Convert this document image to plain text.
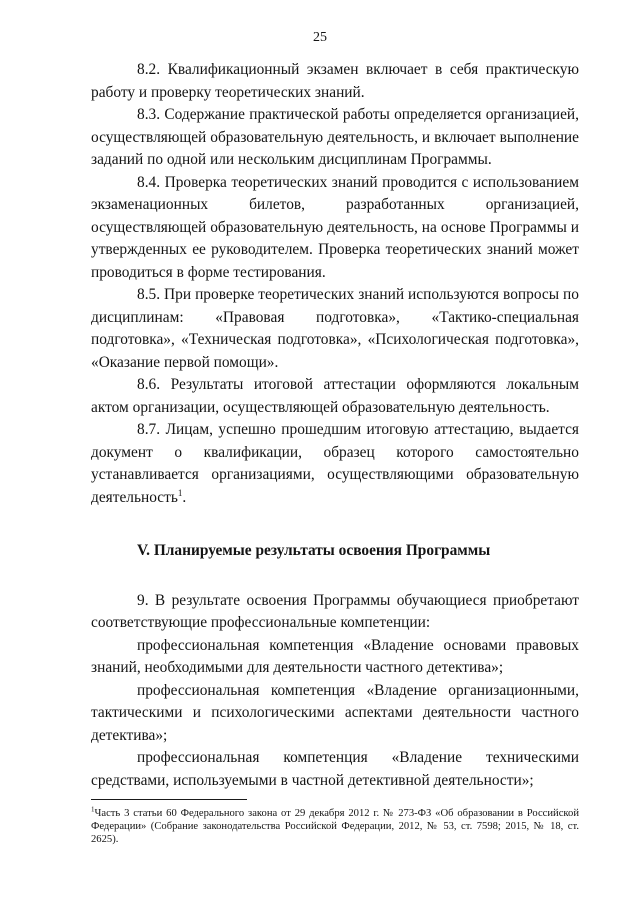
25

8.2. Квалификационный экзамен включает в себя практическую работу и проверку теоретических знаний.

8.3. Содержание практической работы определяется организацией, осуществляющей образовательную деятельность, и включает выполнение заданий по одной или нескольким дисциплинам Программы.

8.4. Проверка теоретических знаний проводится с использованием экзаменационных билетов, разработанных организацией, осуществляющей образовательную деятельность, на основе Программы и утвержденных ее руководителем. Проверка теоретических знаний может проводиться в форме тестирования.

8.5. При проверке теоретических знаний используются вопросы по дисциплинам: «Правовая подготовка», «Тактико-специальная подготовка», «Техническая подготовка», «Психологическая подготовка», «Оказание первой помощи».

8.6. Результаты итоговой аттестации оформляются локальным актом организации, осуществляющей образовательную деятельность.

8.7. Лицам, успешно прошедшим итоговую аттестацию, выдается документ о квалификации, образец которого самостоятельно устанавливается организациями, осуществляющими образовательную деятельность$^1$.

V. Планируемые результаты освоения Программы

9. В результате освоения Программы обучающиеся приобретают соответствующие профессиональные компетенции:

профессиональная компетенция «Владение основами правовых знаний, необходимыми для деятельности частного детектива»;

профессиональная компетенция «Владение организационными, тактическими и психологическими аспектами деятельности частного детектива»;

профессиональная компетенция «Владение техническими средствами, используемыми в частной детективной деятельности»;

$^1$Часть 3 статьи 60 Федерального закона от 29 декабря 2012 г. № 273-ФЗ «Об образовании в Российской Федерации» (Собрание законодательства Российской Федерации, 2012, № 53, ст. 7598; 2015, № 18, ст. 2625).
